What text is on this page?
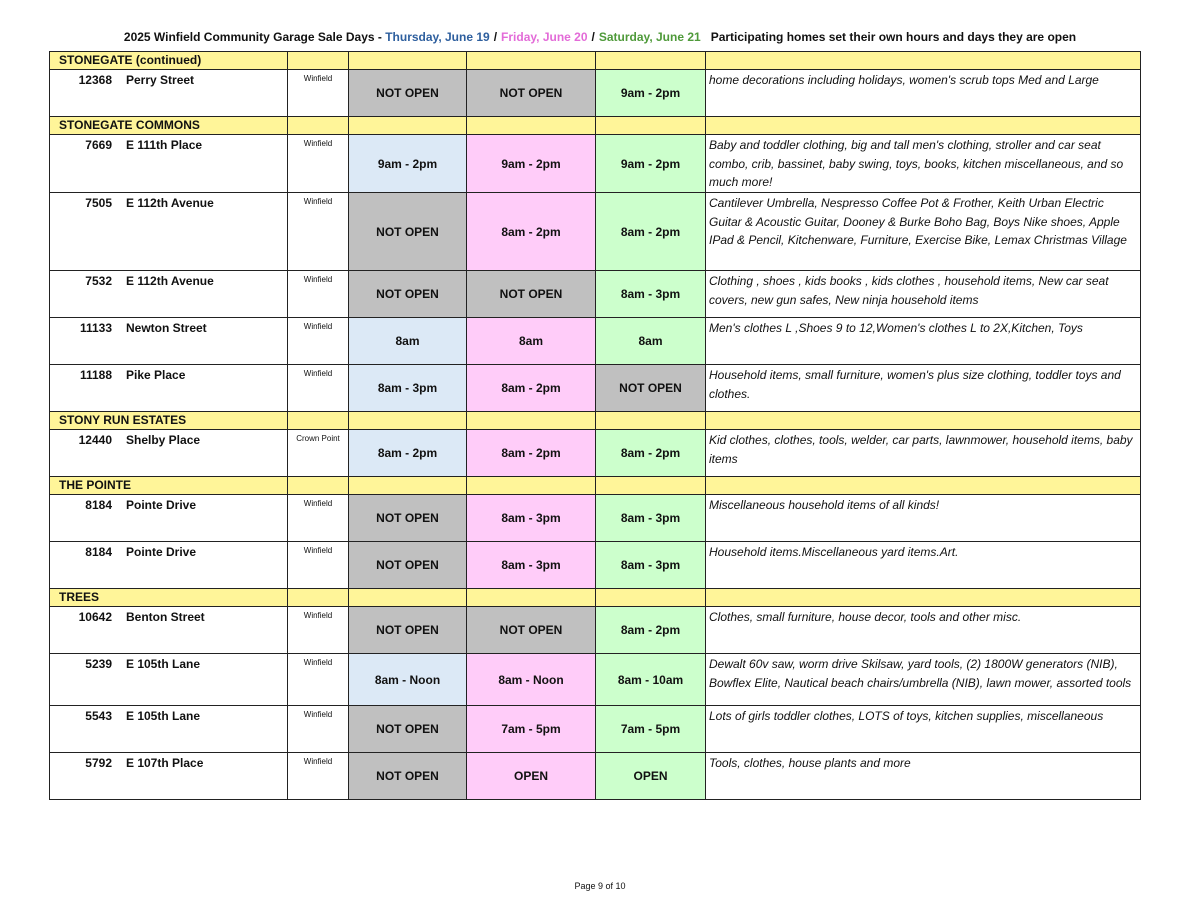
2025 Winfield Community Garage Sale Days - Thursday, June 19 / Friday, June 20 / Saturday, June 21 Participating homes set their own hours and days they are open
STONEGATE (continued)					
12368 Perry Street	Winfield	NOT OPEN	NOT OPEN	9am - 2pm	home decorations including holidays, women's scrub tops Med and Large
STONEGATE COMMONS					
7669 E 111th Place	Winfield	9am - 2pm	9am - 2pm	9am - 2pm	Baby and toddler clothing, big and tall men's clothing, stroller and car seat combo, crib, bassinet, baby swing, toys, books, kitchen miscellaneous, and so much more!
7505 E 112th Avenue	Winfield	NOT OPEN	8am - 2pm	8am - 2pm	Cantilever Umbrella, Nespresso Coffee Pot & Frother, Keith Urban Electric Guitar & Acoustic Guitar, Dooney & Burke Boho Bag, Boys Nike shoes, Apple IPad & Pencil, Kitchenware, Furniture, Exercise Bike, Lemax Christmas Village
7532 E 112th Avenue	Winfield	NOT OPEN	NOT OPEN	8am - 3pm	Clothing , shoes , kids books , kids clothes , household items, New car seat covers, new gun safes, New ninja household items
11133 Newton Street	Winfield	8am	8am	8am	Men's clothes L ,Shoes 9 to 12,Women's clothes L to 2X,Kitchen, Toys
11188 Pike Place	Winfield	8am - 3pm	8am - 2pm	NOT OPEN	Household items, small furniture, women's plus size clothing, toddler toys and clothes.
STONY RUN ESTATES					
12440 Shelby Place	Crown Point	8am - 2pm	8am - 2pm	8am - 2pm	Kid clothes, clothes, tools, welder, car parts, lawnmower, household items, baby items
THE POINTE					
8184 Pointe Drive	Winfield	NOT OPEN	8am - 3pm	8am - 3pm	Miscellaneous household items of all kinds!
8184 Pointe Drive	Winfield	NOT OPEN	8am - 3pm	8am - 3pm	Household items.Miscellaneous yard items.Art.
TREES					
10642 Benton Street	Winfield	NOT OPEN	NOT OPEN	8am - 2pm	Clothes, small furniture, house decor, tools and other misc.
5239 E 105th Lane	Winfield	8am - Noon	8am - Noon	8am - 10am	Dewalt 60v saw, worm drive Skilsaw, yard tools, (2) 1800W generators (NIB), Bowflex Elite, Nautical beach chairs/umbrella (NIB), lawn mower, assorted tools
5543 E 105th Lane	Winfield	NOT OPEN	7am - 5pm	7am - 5pm	Lots of girls toddler clothes, LOTS of toys, kitchen supplies, miscellaneous
5792 E 107th Place	Winfield	NOT OPEN	OPEN	OPEN	Tools, clothes, house plants and more
Page 9 of 10
